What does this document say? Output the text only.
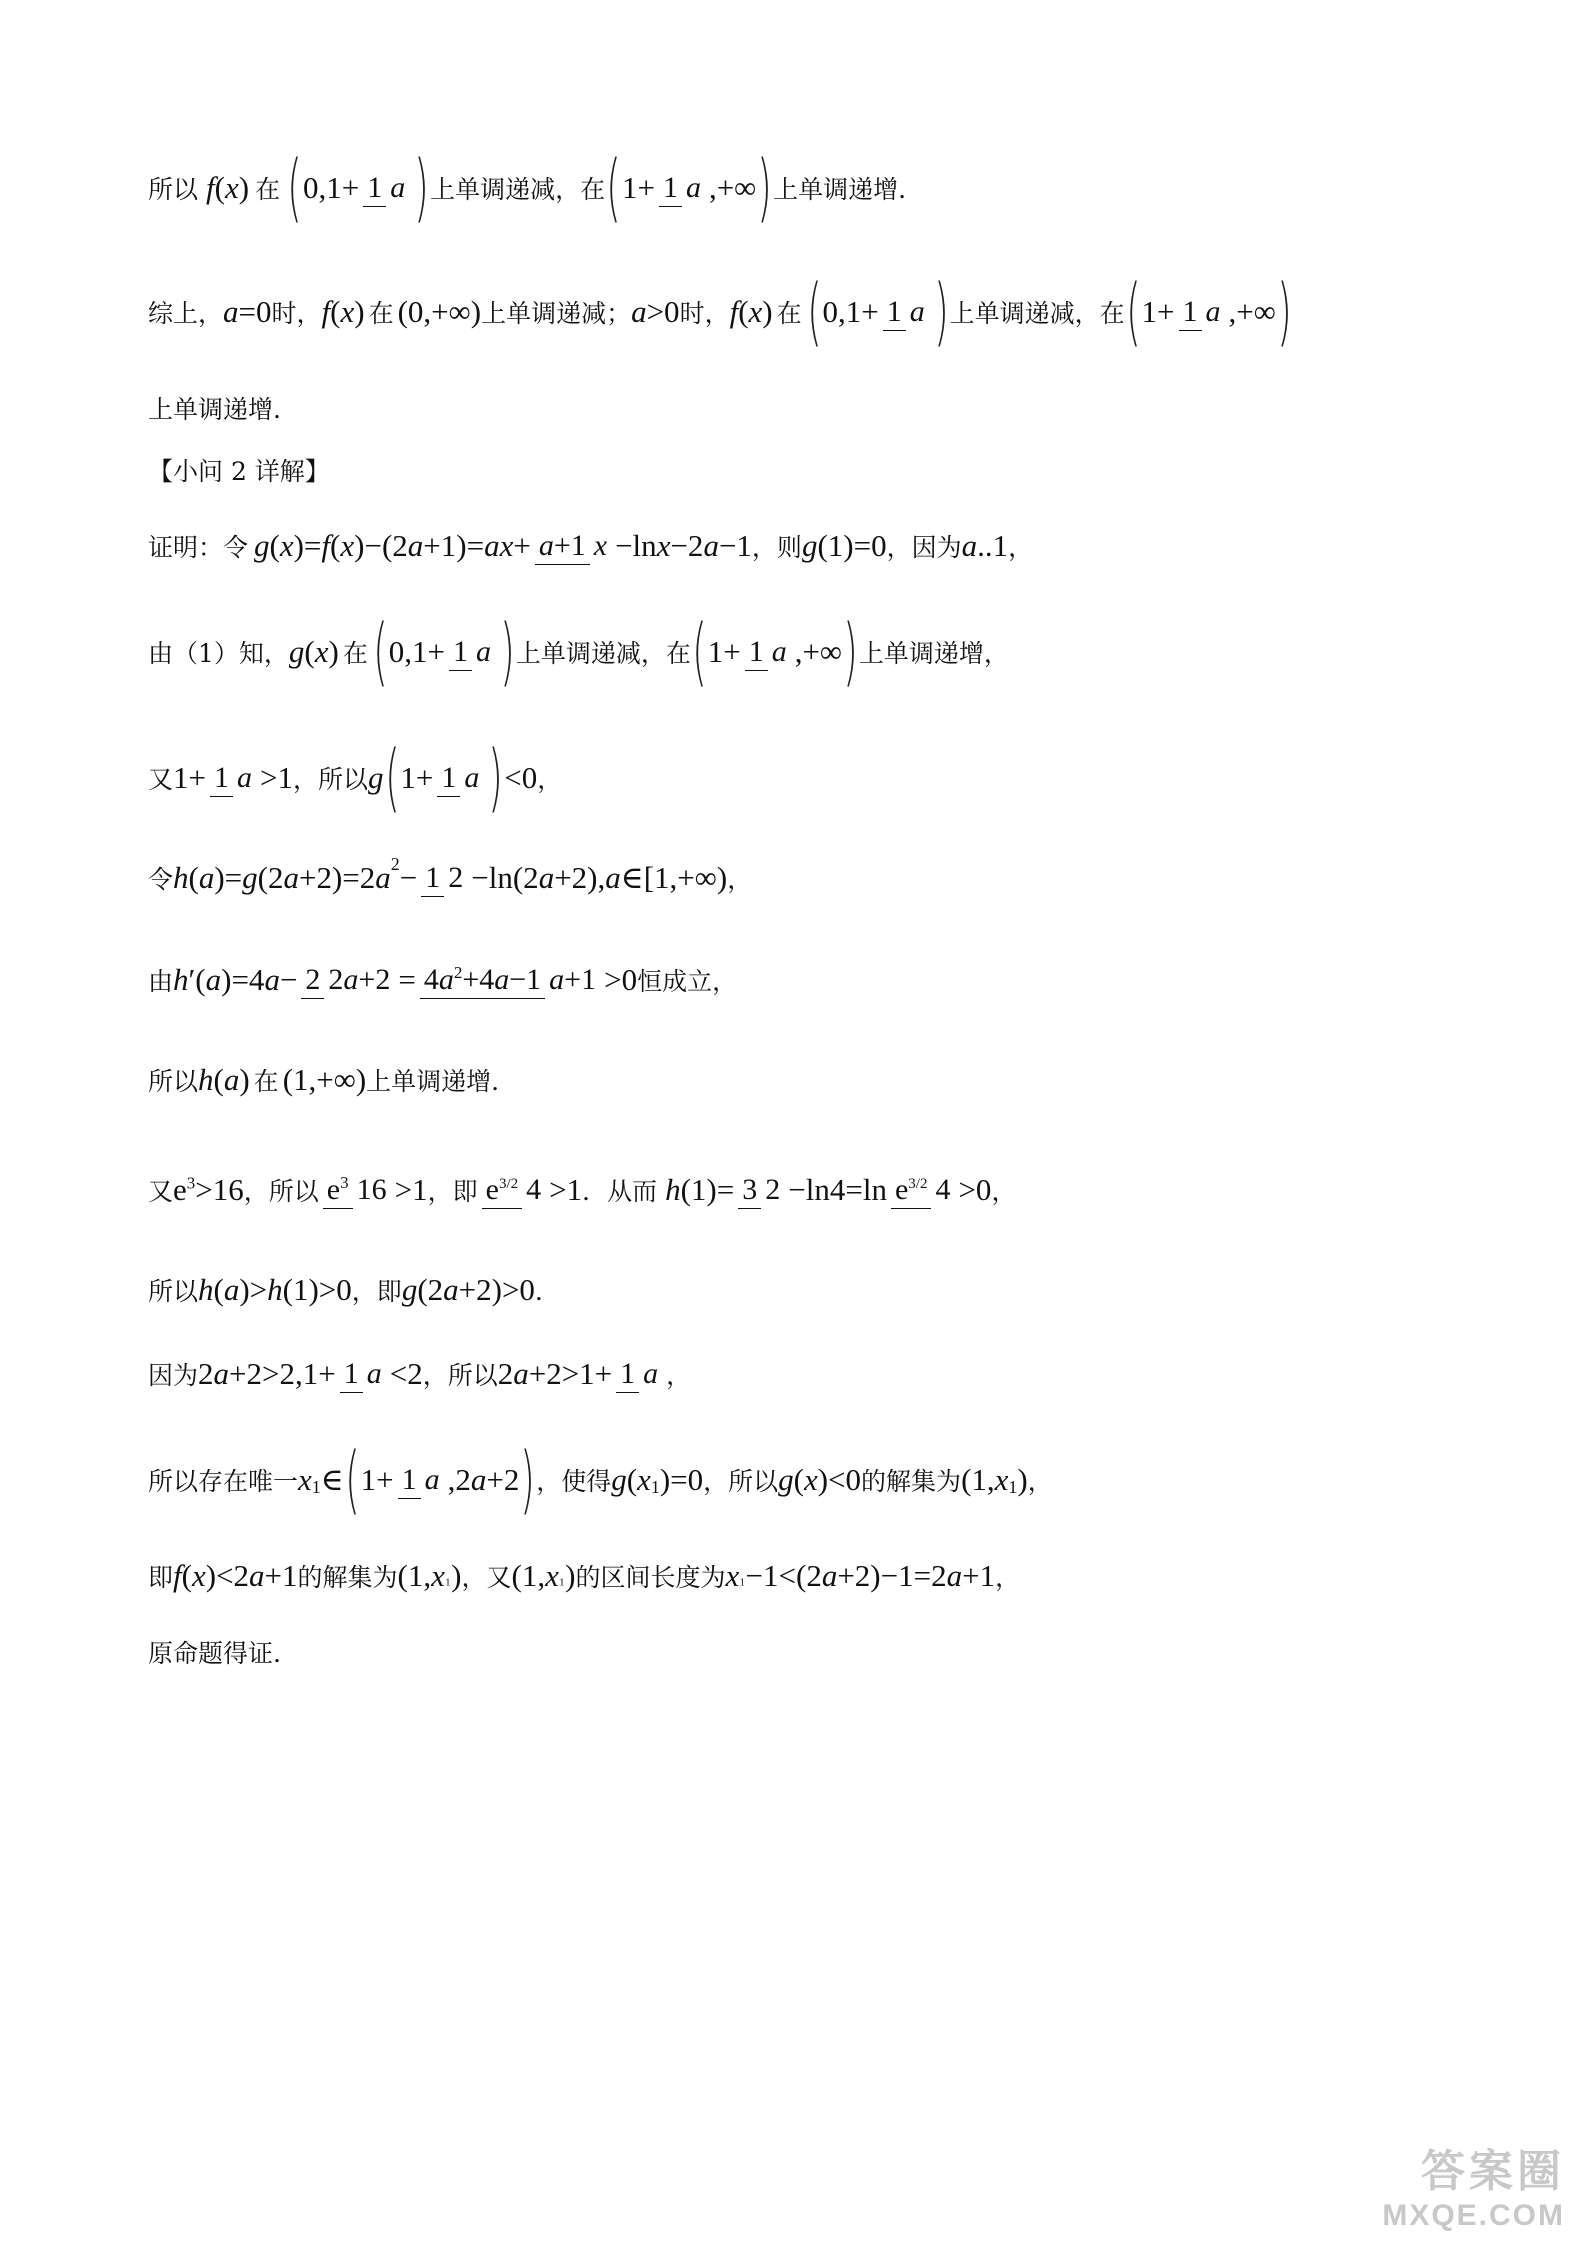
所以 f ( x ) 在 ( 0,1+ 1 a ) 上单调递减，在 ( 1+ 1 a ,+∞ ) 上单调递增.
综上， a =0 时， f ( x ) 在 (0,+∞) 上单调递减； a >0 时， f ( x ) 在 ( 0,1+ 1 a ) 上单调递减，在 ( 1+ 1 a ,+∞ )
上单调递增.
【小问 2 详解】
证明：令 g ( x )= f ( x )−(2 a +1)= ax + a+1 x −ln x −2 a −1 ，则 g (1)=0 ，因为 a ..1 ，
由（1）知， g ( x ) 在 ( 0,1+ 1 a ) 上单调递减，在 ( 1+ 1 a ,+∞ ) 上单调递增，
又 1+ 1 a >1 ，所以 g ( 1+ 1 a ) <0 ，
令 h ( a )= g (2 a +2)=2 a 2 − 1 2 −ln(2 a +2), a ∈[1,+∞) ，
由 h ′( a )=4 a − 2 $2a+2 = 4a^2+4a-1$ a+1 >0 恒成立，
所以 h ( a ) 在 (1,+∞) 上单调递增.
又 $e^3>16$ ，所以 $e^3$ 16 >1 ，即 $e^{3/2}$ 4 >1 ．从而 h (1)= 3 2 −ln4=ln $e^{3/2}$ 4 >0 ，
所以 h ( a )> h (1)>0 ，即 g (2 a +2)>0 ．
因为 2 a +2>2,1+ 1 a <2 ，所以 2 a +2>1+ 1 a ，
所以存在唯一 x 1 ∈ ( 1+ 1 a ,2 a +2 ) ，使得 g ( x 1 )=0 ，所以 g ( x )<0 的解集为 (1, x 1 ) ，
即 f ( x )<2 a +1 的解集为 (1, x ₁ ) ，又 (1, x ₁ ) 的区间长度为 x ₁ −1<(2 a +2)−1=2 a +1 ，
原命题得证.
答案圈
MXQE.COM
